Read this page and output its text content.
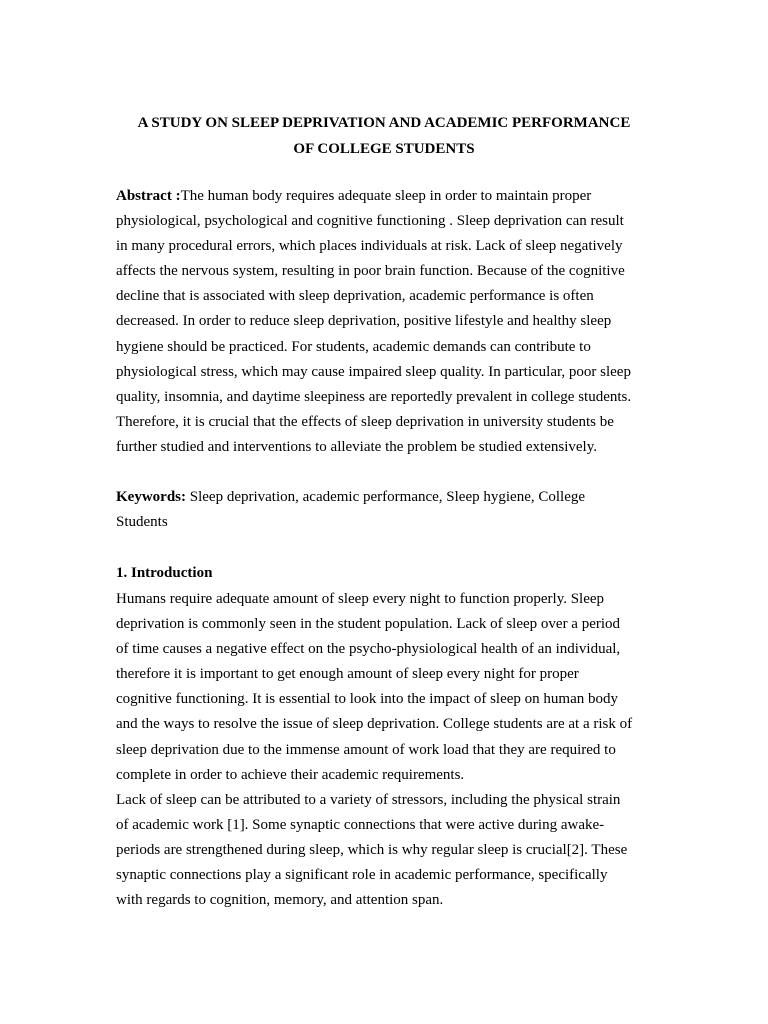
A STUDY ON SLEEP DEPRIVATION AND ACADEMIC PERFORMANCE
OF COLLEGE STUDENTS
Abstract :The human body requires adequate sleep in order to maintain proper
physiological, psychological and cognitive functioning . Sleep deprivation can result
in many procedural errors, which places individuals at risk. Lack of sleep negatively
affects the nervous system, resulting in poor brain function. Because of the cognitive
decline that is associated with sleep deprivation, academic performance is often
decreased. In order to reduce sleep deprivation, positive lifestyle and healthy sleep
hygiene should be practiced. For students, academic demands can contribute to
physiological stress, which may cause impaired sleep quality. In particular, poor sleep
quality, insomnia, and daytime sleepiness are reportedly prevalent in college students.
Therefore, it is crucial that the effects of sleep deprivation in university students be
further studied and interventions to alleviate the problem be studied extensively.
Keywords: Sleep deprivation, academic performance, Sleep hygiene, College
Students
1. Introduction
Humans require adequate amount of sleep every night to function properly. Sleep
deprivation is commonly seen in the student population. Lack of sleep over a period
of time causes a negative effect on the psycho-physiological health of an individual,
therefore it is important to get enough amount of sleep every night for proper
cognitive functioning. It is essential to look into the impact of sleep on human body
and the ways to resolve the issue of sleep deprivation. College students are at a risk of
sleep deprivation due to the immense amount of work load that they are required to
complete in order to achieve their academic requirements.
Lack of sleep can be attributed to a variety of stressors, including the physical strain
of academic work [1]. Some synaptic connections that were active during awake-
periods are strengthened during sleep, which is why regular sleep is crucial[2]. These
synaptic connections play a significant role in academic performance, specifically
with regards to cognition, memory, and attention span.
